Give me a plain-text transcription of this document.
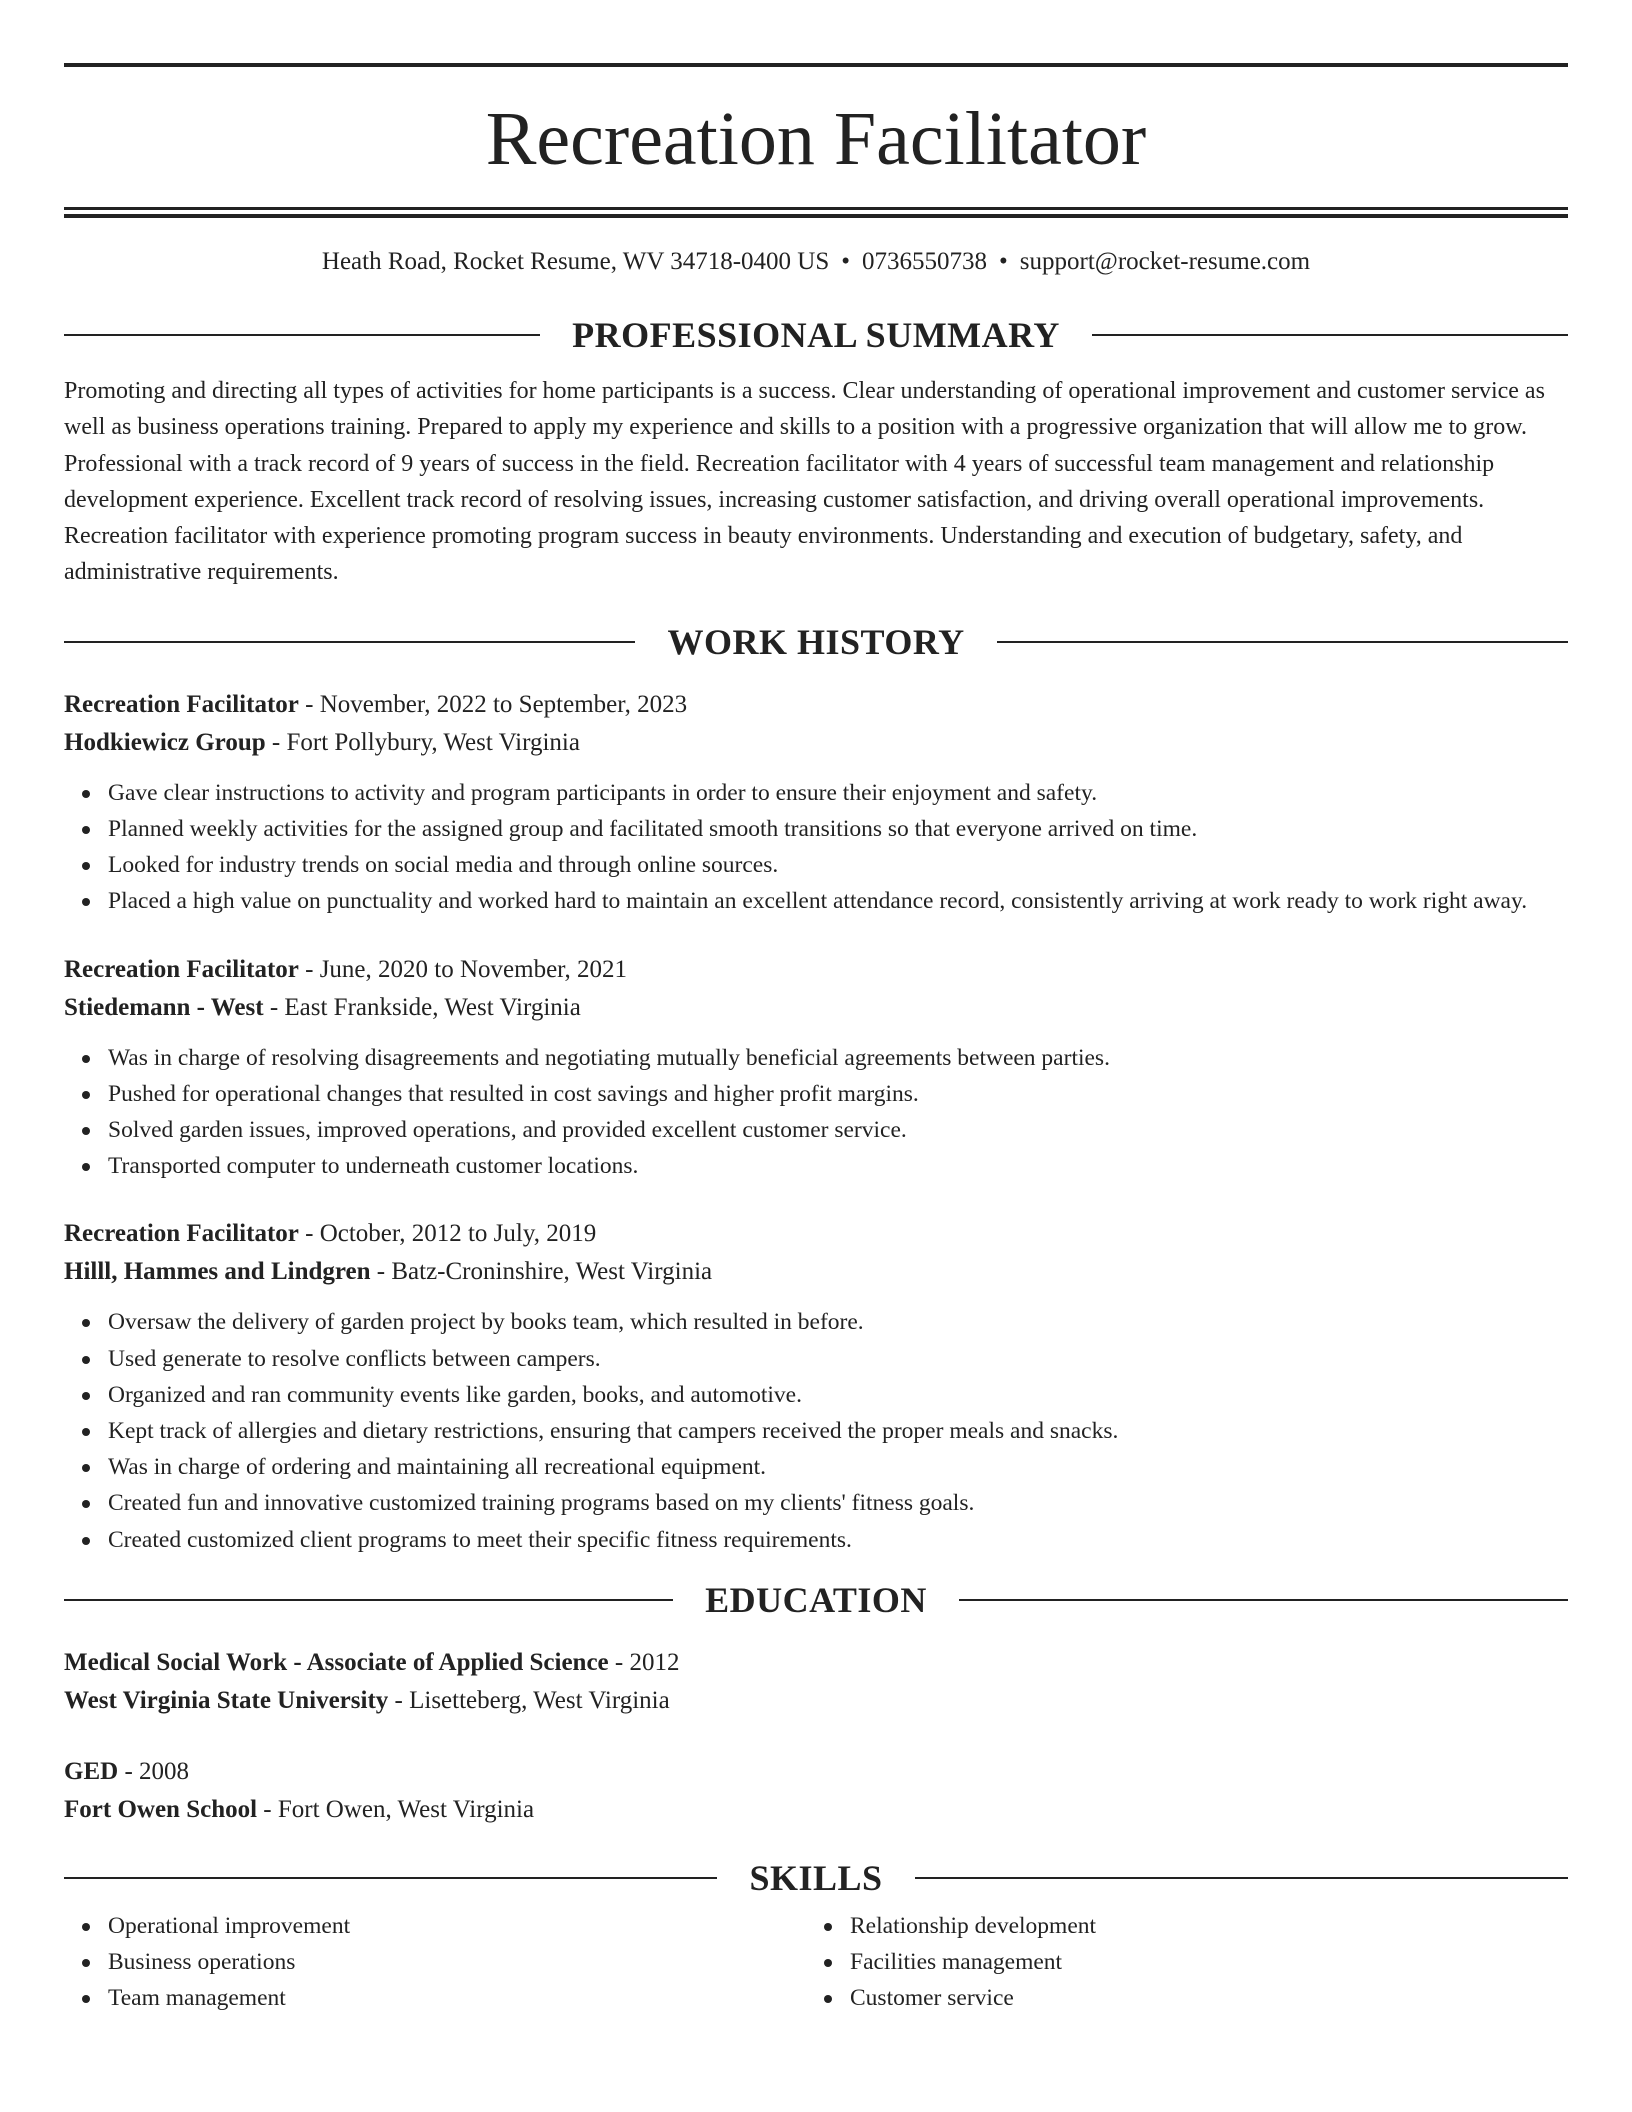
Recreation Facilitator
Heath Road, Rocket Resume, WV 34718-0400 US • 0736550738 • support@rocket-resume.com
PROFESSIONAL SUMMARY

Promoting and directing all types of activities for home participants is a success. Clear understanding of operational improvement and customer service as well as business operations training. Prepared to apply my experience and skills to a position with a progressive organization that will allow me to grow. Professional with a track record of 9 years of success in the field. Recreation facilitator with 4 years of successful team management and relationship development experience. Excellent track record of resolving issues, increasing customer satisfaction, and driving overall operational improvements. Recreation facilitator with experience promoting program success in beauty environments. Understanding and execution of budgetary, safety, and administrative requirements.

WORK HISTORY
Recreation Facilitator - November, 2022 to September, 2023
Hodkiewicz Group - Fort Pollybury, West Virginia
Gave clear instructions to activity and program participants in order to ensure their enjoyment and safety.
Planned weekly activities for the assigned group and facilitated smooth transitions so that everyone arrived on time.
Looked for industry trends on social media and through online sources.
Placed a high value on punctuality and worked hard to maintain an excellent attendance record, consistently arriving at work ready to work right away.
Recreation Facilitator - June, 2020 to November, 2021
Stiedemann - West - East Frankside, West Virginia
Was in charge of resolving disagreements and negotiating mutually beneficial agreements between parties.
Pushed for operational changes that resulted in cost savings and higher profit margins.
Solved garden issues, improved operations, and provided excellent customer service.
Transported computer to underneath customer locations.
Recreation Facilitator - October, 2012 to July, 2019
Hilll, Hammes and Lindgren - Batz-Croninshire, West Virginia
Oversaw the delivery of garden project by books team, which resulted in before.
Used generate to resolve conflicts between campers.
Organized and ran community events like garden, books, and automotive.
Kept track of allergies and dietary restrictions, ensuring that campers received the proper meals and snacks.
Was in charge of ordering and maintaining all recreational equipment.
Created fun and innovative customized training programs based on my clients' fitness goals.
Created customized client programs to meet their specific fitness requirements.
EDUCATION
Medical Social Work - Associate of Applied Science - 2012
West Virginia State University - Lisetteberg, West Virginia
GED - 2008
Fort Owen School - Fort Owen, West Virginia
SKILLS
Operational improvement
Business operations
Team management
Relationship development
Facilities management
Customer service
